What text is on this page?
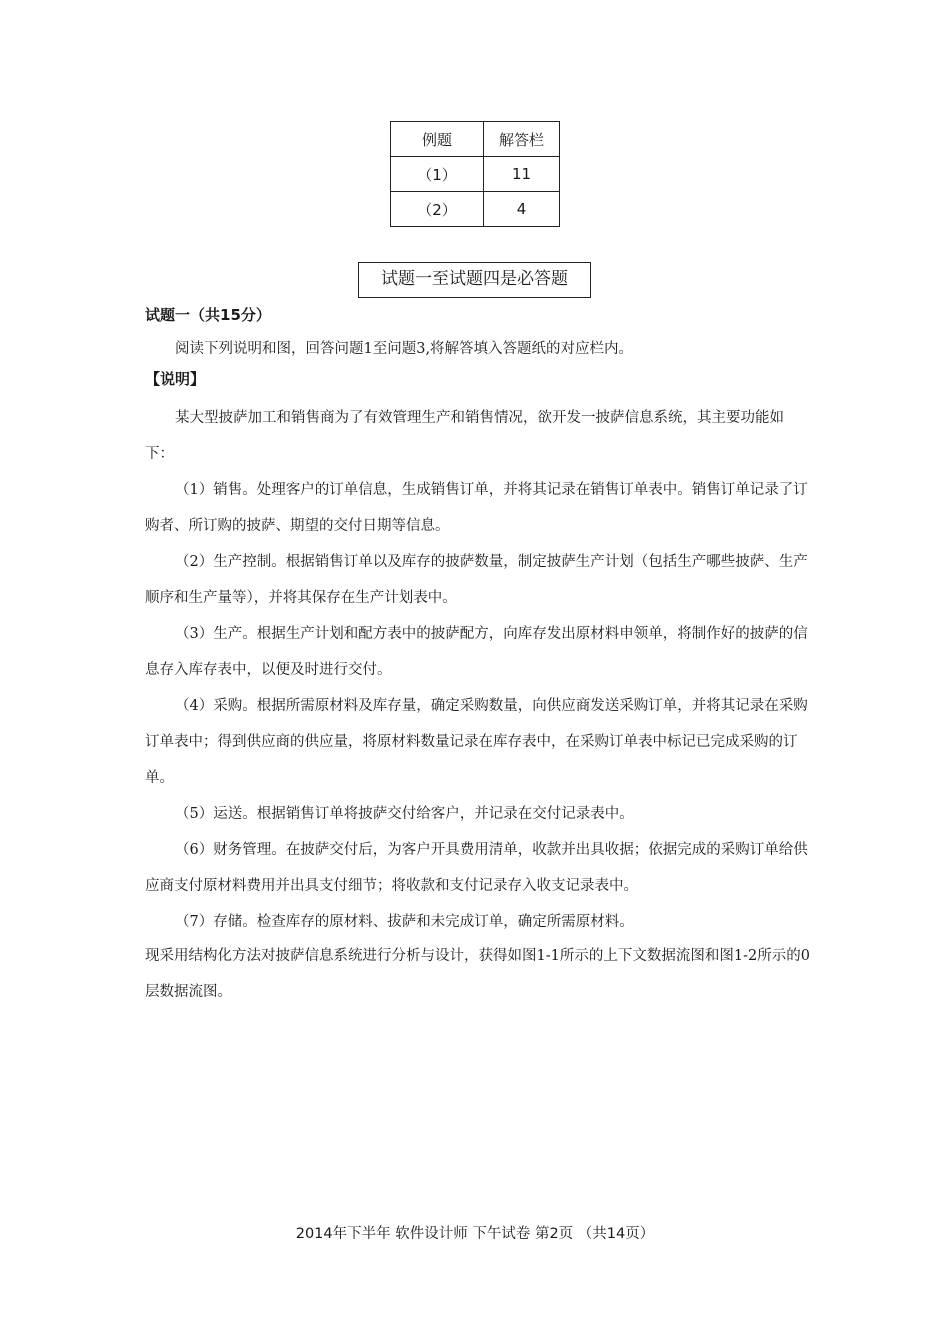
例题	解答栏
（1）	11
（2）	4
试题一至试题四是必答题
试题一（共15分）

阅读下列说明和图，回答问题1至问题3,将解答填入答题纸的对应栏内。

【说明】

某大型披萨加工和销售商为了有效管理生产和销售情况，欲开发一披萨信息系统，其主要功能如下：

（1）销售。处理客户的订单信息，生成销售订单，并将其记录在销售订单表中。销售订单记录了订购者、所订购的披萨、期望的交付日期等信息。

（2）生产控制。根据销售订单以及库存的披萨数量，制定披萨生产计划（包括生产哪些披萨、生产顺序和生产量等），并将其保存在生产计划表中。

（3）生产。根据生产计划和配方表中的披萨配方，向库存发出原材料申领单，将制作好的披萨的信息存入库存表中，以便及时进行交付。

（4）采购。根据所需原材料及库存量，确定采购数量，向供应商发送采购订单，并将其记录在采购订单表中；得到供应商的供应量，将原材料数量记录在库存表中，在采购订单表中标记已完成采购的订单。

（5）运送。根据销售订单将披萨交付给客户，并记录在交付记录表中。

（6）财务管理。在披萨交付后，为客户开具费用清单，收款并出具收据；依据完成的采购订单给供应商支付原材料费用并出具支付细节；将收款和支付记录存入收支记录表中。

（7）存储。检查库存的原材料、拔萨和未完成订单，确定所需原材料。

现采用结构化方法对披萨信息系统进行分析与设计，获得如图1-1所示的上下文数据流图和图1-2所示的0层数据流图。

2014年下半年 软件设计师 下午试卷 第2页 （共14页）
